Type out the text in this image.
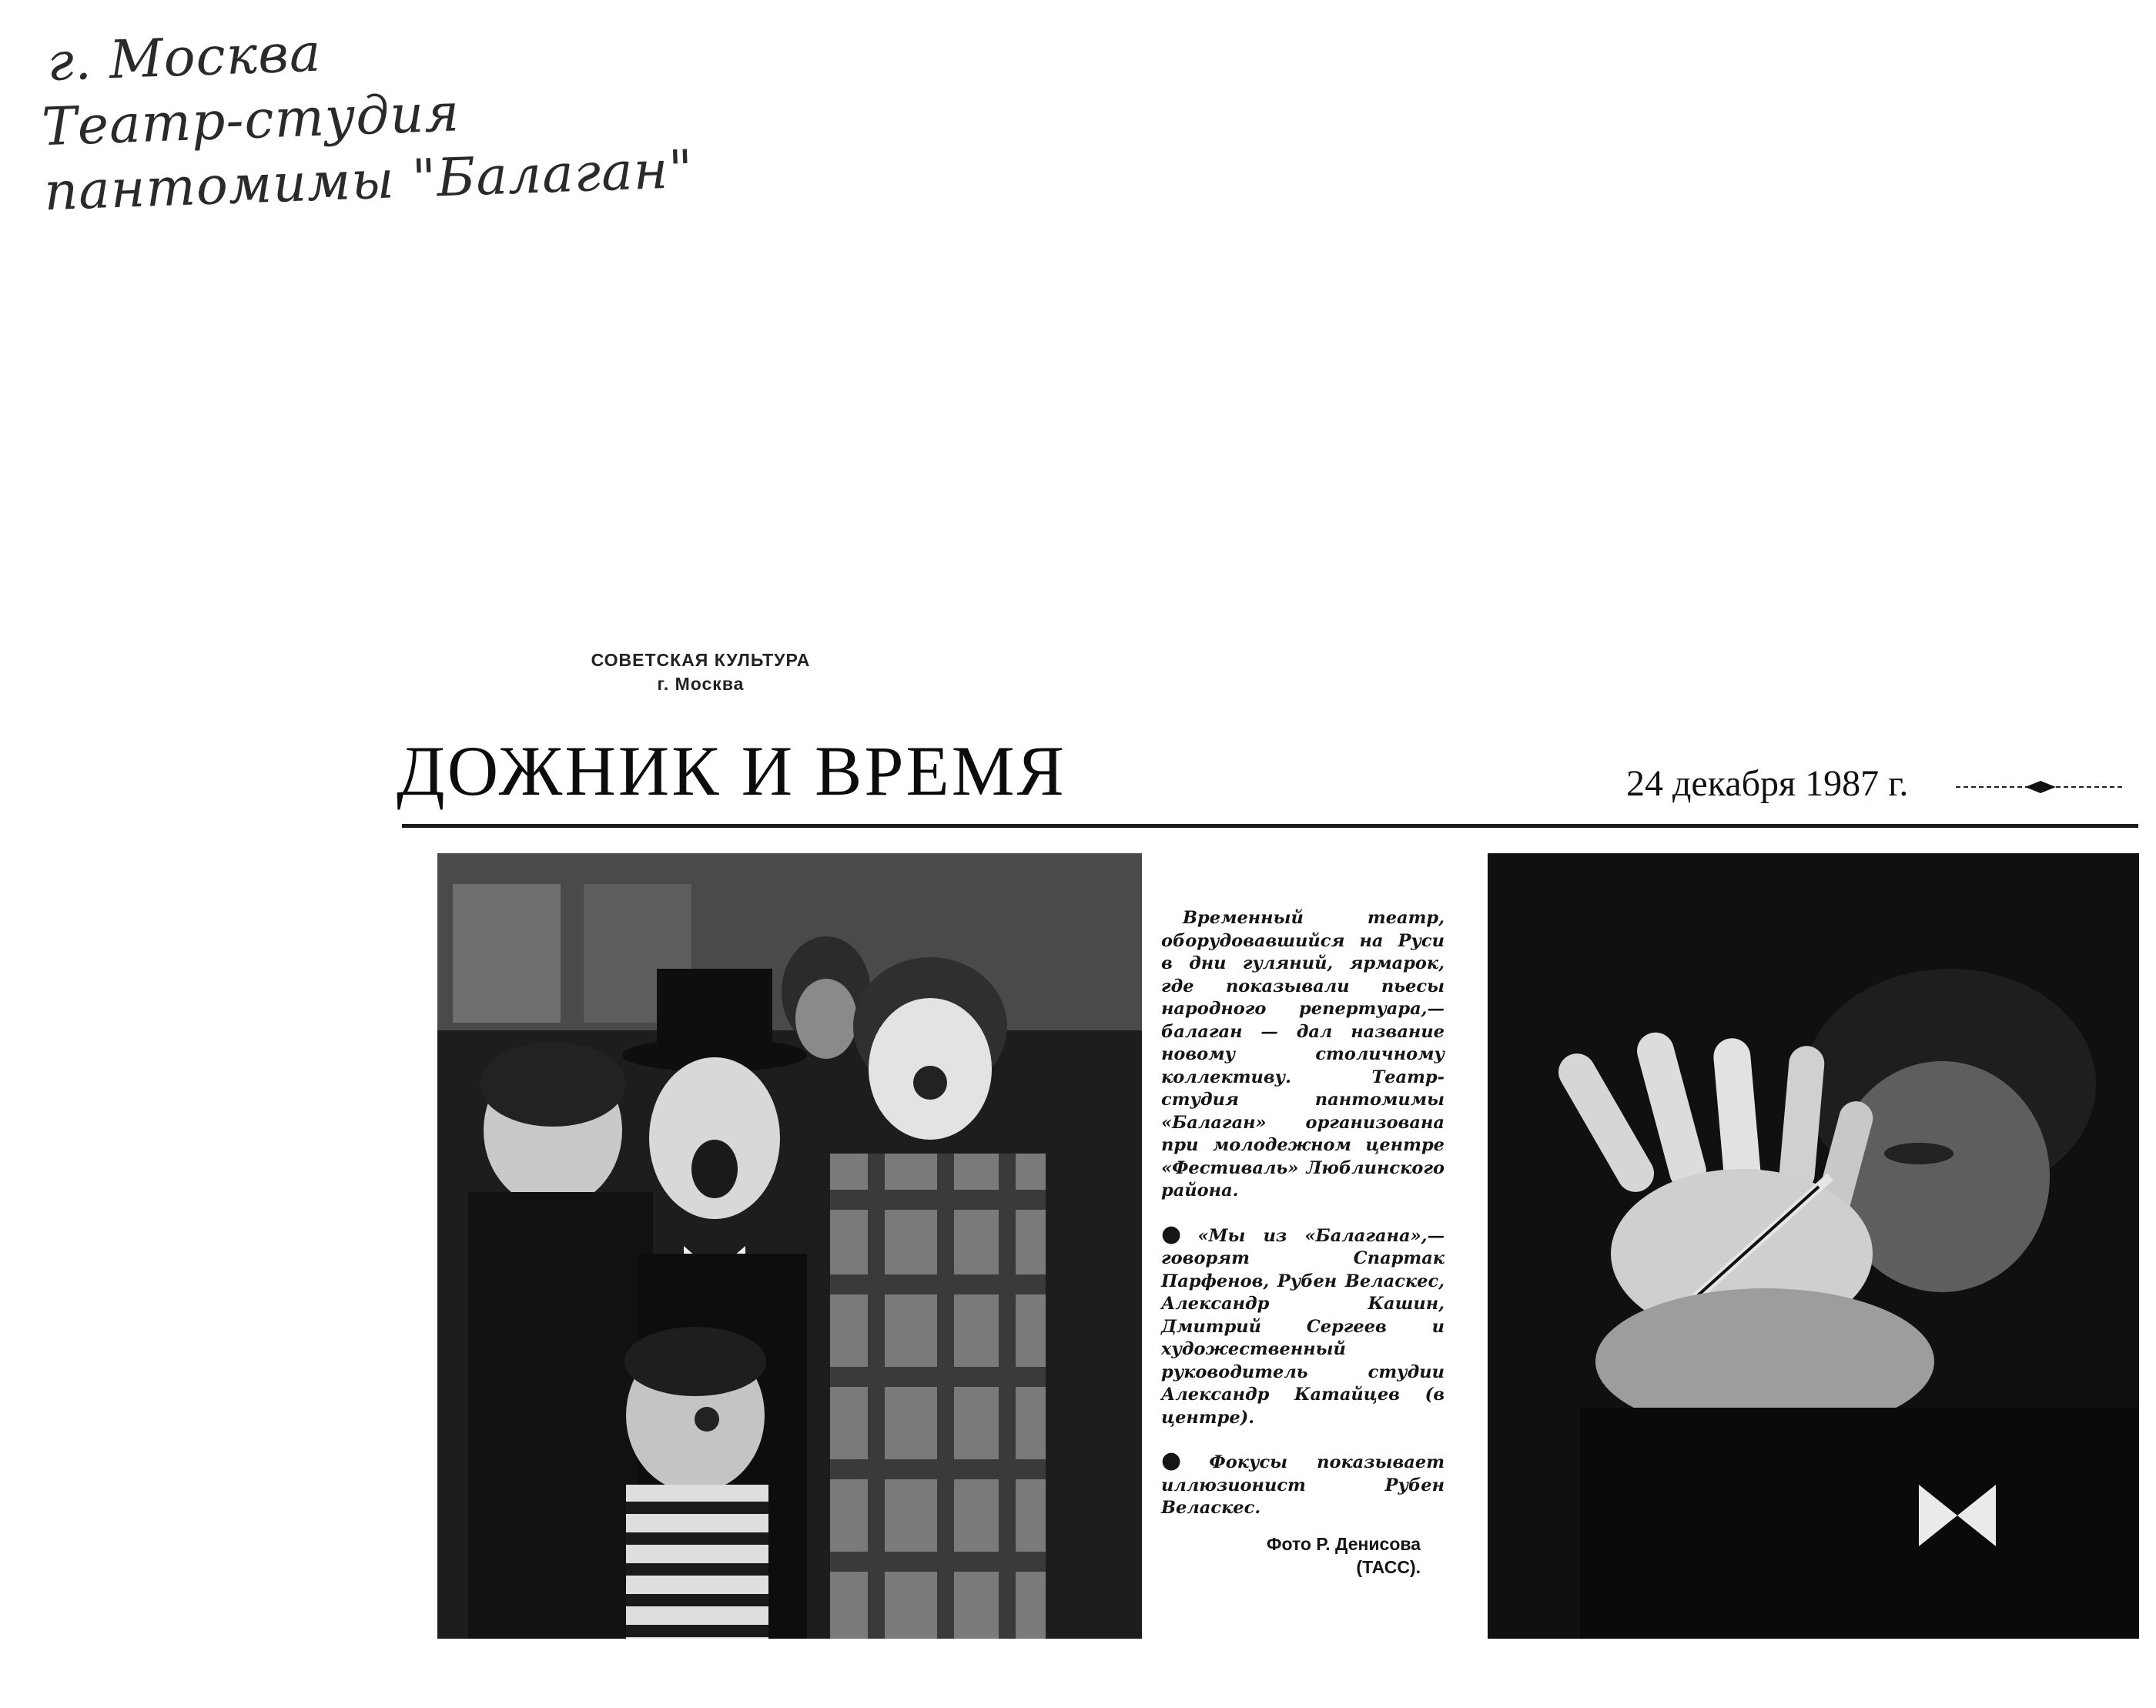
г. Москва
Театр-студия
пантомимы "Балаган"
СОВЕТСКАЯ КУЛЬТУРА
г. Москва
ДОЖНИК И ВРЕМЯ	24 декабря 1987 г.

Временный театр, оборудовавшийся на Руси в дни гуляний, ярмарок, где показывали пьесы народного репертуара,— балаган — дал название новому столичному коллективу. Театр-студия пантомимы «Балаган» организована при молодежном центре «Фестиваль» Люблинского района.

● «Мы из «Балагана»,— говорят Спартак Парфенов, Рубен Веласкес, Александр Кашин, Дмитрий Сергеев и художественный руководитель студии Александр Катайцев (в центре).

● Фокусы показывает иллюзионист Рубен Веласкес.

Фото Р. Денисова
(ТАСС).
